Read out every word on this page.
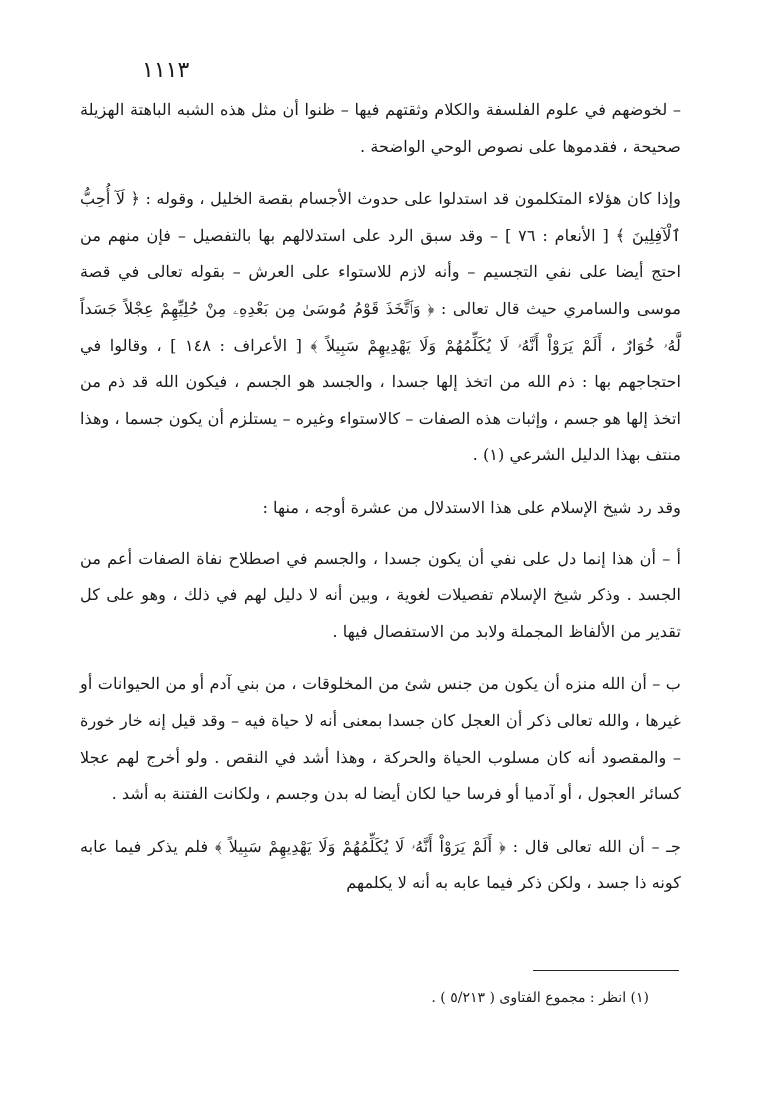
١١١٣

– لخوضهم في علوم الفلسفة والكلام وثقتهم فيها – ظنوا أن مثل هذه الشبه الباهتة الهزيلة صحيحة ، فقدموها على نصوص الوحي الواضحة .

وإذا كان هؤلاء المتكلمون قد استدلوا على حدوث الأجسام بقصة الخليل ، وقوله : ﴿ لَآ أُحِبُّ ٱلْآفِلِينَ ﴾ [ الأنعام : ٧٦ ] – وقد سبق الرد على استدلالهم بها بالتفصيل – فإن منهم من احتج أيضا على نفي التجسيم – وأنه لازم للاستواء على العرش – بقوله تعالى في قصة موسى والسامري حيث قال تعالى : ﴿ وَٱتَّخَذَ قَوْمُ مُوسَىٰ مِن بَعْدِهِۦ مِنْ حُلِيِّهِمْ عِجْلاً جَسَداً لَّهُۥ خُوَارٌ ، أَلَمْ يَرَوْاْ أَنَّهُۥ لَا يُكَلِّمُهُمْ وَلَا يَهْدِيهِمْ سَبِيلاً ﴾ [ الأعراف : ١٤٨ ] ، وقالوا في احتجاجهم بها : ذم الله من اتخذ إلها جسدا ، والجسد هو الجسم ، فيكون الله قد ذم من اتخذ إلها هو جسم ، وإثبات هذه الصفات – كالاستواء وغيره – يستلزم أن يكون جسما ، وهذا منتف بهذا الدليل الشرعي (١) .

وقد رد شيخ الإسلام على هذا الاستدلال من عشرة أوجه ، منها :

أ – أن هذا إنما دل على نفي أن يكون جسدا ، والجسم في اصطلاح نفاة الصفات أعم من الجسد . وذكر شيخ الإسلام تفصيلات لغوية ، وبين أنه لا دليل لهم في ذلك ، وهو على كل تقدير من الألفاظ المجملة ولابد من الاستفصال فيها .

ب – أن الله منزه أن يكون من جنس شئ من المخلوقات ، من بني آدم أو من الحيوانات أو غيرها ، والله تعالى ذكر أن العجل كان جسدا بمعنى أنه لا حياة فيه – وقد قيل إنه خار خورة – والمقصود أنه كان مسلوب الحياة والحركة ، وهذا أشد في النقص . ولو أخرج لهم عجلا كسائر العجول ، أو آدميا أو فرسا حيا لكان أيضا له بدن وجسم ، ولكانت الفتنة به أشد .

جـ – أن الله تعالى قال : ﴿ أَلَمْ يَرَوْاْ أَنَّهُۥ لَا يُكَلِّمُهُمْ وَلَا يَهْدِيهِمْ سَبِيلاً ﴾ فلم يذكر فيما عابه كونه ذا جسد ، ولكن ذكر فيما عابه به أنه لا يكلمهم

(١) انظر : مجموع الفتاوى ( ٥/٢١٣ ) .
